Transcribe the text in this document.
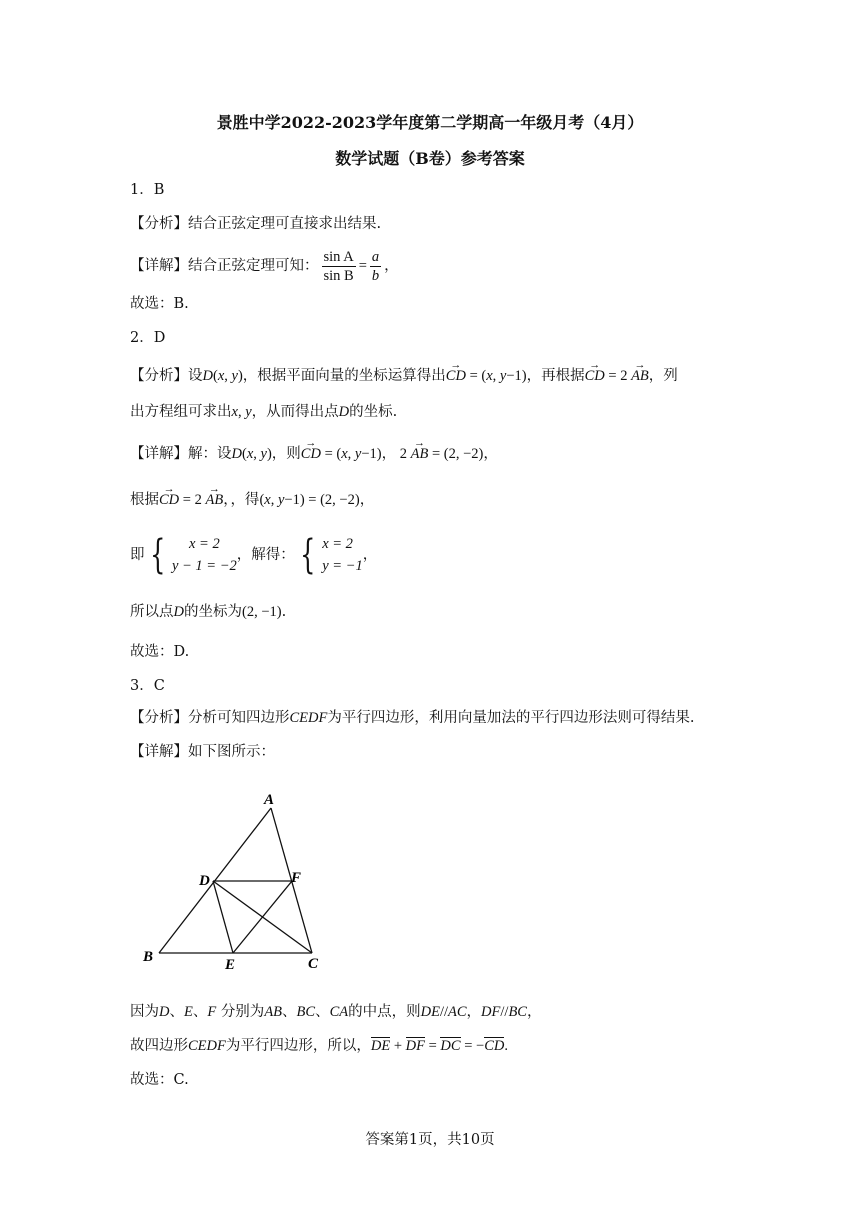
景胜中学2022-2023学年度第二学期高一年级月考（4月）
数学试题（B卷）参考答案
1．B
【分析】结合正弦定理可直接求出结果.
【详解】结合正弦定理可知： $\frac{\text{sin A}}{\text{sin B}} = \frac{a}{b}$ ，
故选：B.
2．D
【分析】设D(x, y)，根据平面向量的坐标运算得出→ CD = (x, y−1)，再根据→ CD = 2 → AB，列
出方程组可求出x, y，从而得出点D的坐标.
【详解】解：设D(x, y)，则→ CD = (x, y−1)， 2 → AB = (2, −2)，
根据→ CD = 2 → AB，，得(x, y−1) = (2, −2)，
即 {	x = 2
y − 1 = −2
，解得： { x = 2
y = −1
，
所以点D的坐标为(2, −1).
故选：D.
3．C
【分析】分析可知四边形CEDF为平行四边形，利用向量加法的平行四边形法则可得结果.
【详解】如下图所示：
A
D	F
B	E	C
因为D、E、F 分别为AB、BC、CA的中点，则DE//AC，DF//BC，
故四边形CEDF为平行四边形，所以，DE + DF = DC = −CD.
故选：C.
答案第1页，共10页
